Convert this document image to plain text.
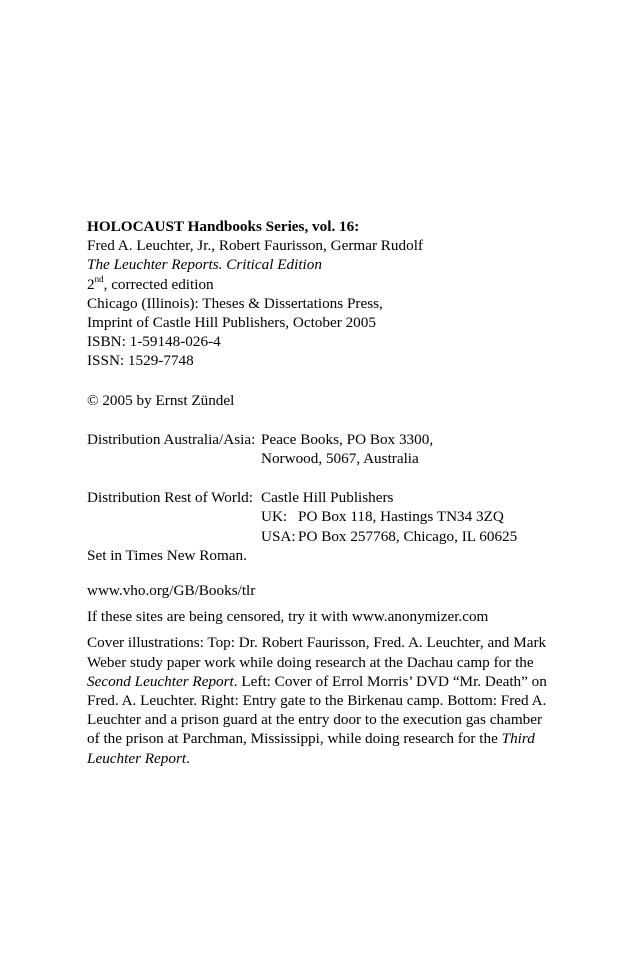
HOLOCAUST Handbooks Series, vol. 16:
Fred A. Leuchter, Jr., Robert Faurisson, Germar Rudolf
The Leuchter Reports. Critical Edition
2nd, corrected edition
Chicago (Illinois): Theses & Dissertations Press,
Imprint of Castle Hill Publishers, October 2005
ISBN: 1-59148-026-4
ISSN: 1529-7748
© 2005 by Ernst Zündel
Distribution Australia/Asia: Peace Books, PO Box 3300,
Norwood, 5067, Australia
Distribution Rest of World: Castle Hill Publishers
UK: PO Box 118, Hastings TN34 3ZQ
USA: PO Box 257768, Chicago, IL 60625
Set in Times New Roman.
www.vho.org/GB/Books/tlr
If these sites are being censored, try it with www.anonymizer.com
Cover illustrations: Top: Dr. Robert Faurisson, Fred. A. Leuchter, and Mark Weber study paper work while doing research at the Dachau camp for the Second Leuchter Report. Left: Cover of Errol Morris’ DVD “Mr. Death” on Fred. A. Leuchter. Right: Entry gate to the Birkenau camp. Bottom: Fred A. Leuchter and a prison guard at the entry door to the execution gas chamber of the prison at Parchman, Mississippi, while doing research for the Third Leuchter Report.
